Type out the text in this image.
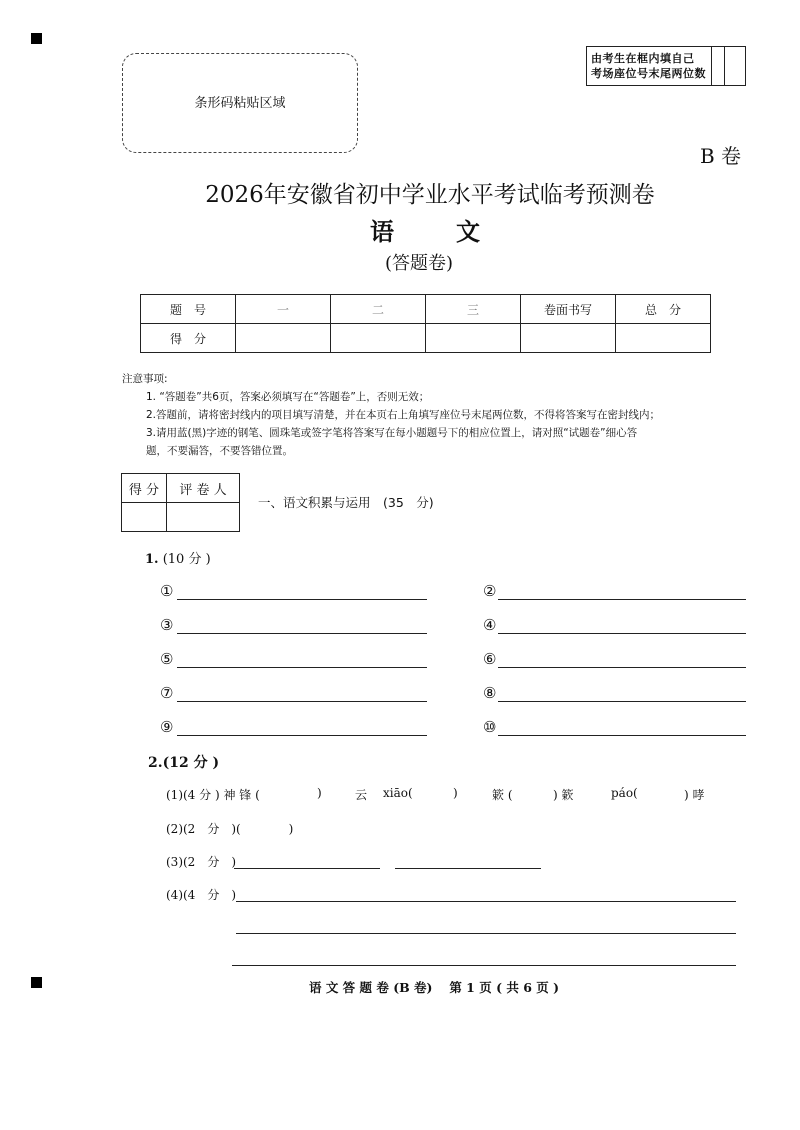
条形码粘贴区域
由考生在框内填自己
考场座位号末尾两位数
B 卷
2026年安徽省初中学业水平考试临考预测卷
语	文
(答题卷)
题　号	一	二	三	卷面书写	总　分
得　分					
注意事项:
1. “答题卷”共6页，答案必须填写在“答题卷”上，否则无效；
2.答题前，请将密封线内的项目填写清楚，并在本页右上角填写座位号末尾两位数，不得将答案写在密封线内；
3.请用蓝(黑)字迹的钢笔、圆珠笔或签字笔将答案写在每小题题号下的相应位置上，请对照“试题卷”细心答
题，不要漏答，不要答错位置。
得 分	评 卷 人

一、语文积累与运用　(35　分)
1. (10 分 )
①	②
③	④
⑤	⑥
⑦	⑧
⑨	⑩
2.(12 分 )
(1)(4 分 ) 神 锋 (	)	云 xiāo(	)	簌 (	) 簌	páo(	) 哮
(2)(2　分　)(　　　　)
(3)(2　分　)
(4)(4　分　)
语 文 答 题 卷 (B 卷)　 第 1 页 ( 共 6 页 )
